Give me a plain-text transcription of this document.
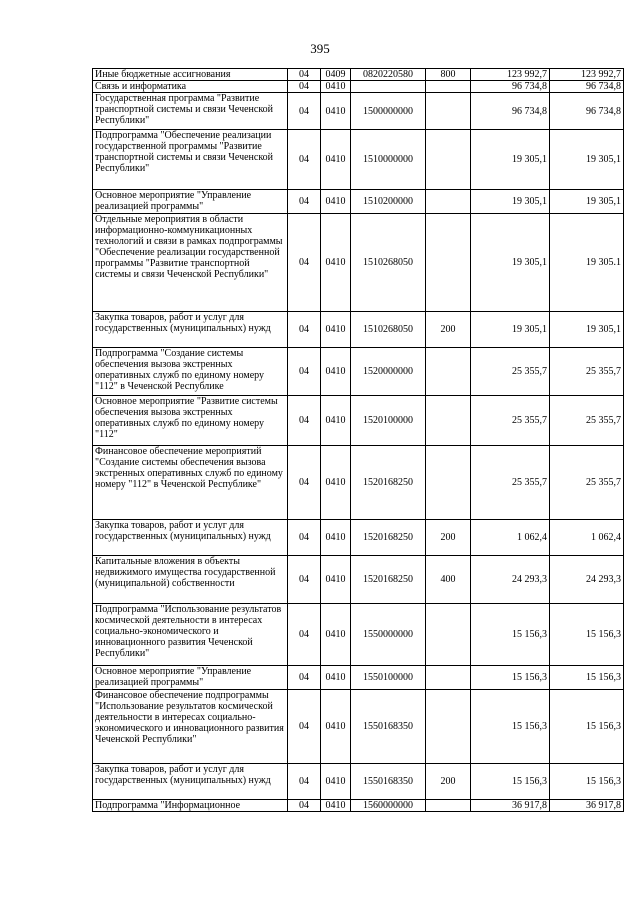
395
Иные бюджетные ассигнования	04	0409	0820220580	800	123 992,7	123 992,7
Связь и информатика	04	0410			96 734,8	96 734,8
Государственная программа "Развитие транспортной системы и связи Чеченской Республики"	04	0410	1500000000		96 734,8	96 734,8
Подпрограмма "Обеспечение реализации государственной программы "Развитие транспортной системы и связи Чеченской Республики"	04	0410	1510000000		19 305,1	19 305,1
Основное мероприятие "Управление реализацией программы"	04	0410	1510200000		19 305,1	19 305,1
Отдельные мероприятия в области информационно-коммуникационных технологий и связи в рамках подпрограммы "Обеспечение реализации государственной программы "Развитие транспортной системы и связи Чеченской Республики"	04	0410	1510268050		19 305,1	19 305.1
Закупка товаров, работ и услуг для государственных (муниципальных) нужд	04	0410	1510268050	200	19 305,1	19 305,1
Подпрограмма "Создание системы обеспечения вызова экстренных оперативных служб по единому номеру "112" в Чеченской Республике	04	0410	1520000000		25 355,7	25 355,7
Основное мероприятие "Развитие системы обеспечения вызова экстренных оперативных служб по единому номеру "112"	04	0410	1520100000		25 355,7	25 355,7
Финансовое обеспечение мероприятий "Создание системы обеспечения вызова экстренных оперативных служб по единому номеру "112" в Чеченской Республике"	04	0410	1520168250		25 355,7	25 355,7
Закупка товаров, работ и услуг для государственных (муниципальных) нужд	04	0410	1520168250	200	1 062,4	1 062,4
Капитальные вложения в объекты недвижимого имущества государственной (муниципальной) собственности	04	0410	1520168250	400	24 293,3	24 293,3
Подпрограмма "Использование результатов космической деятельности в интересах социально-экономического и инновационного развития Чеченской Республики"	04	0410	1550000000		15 156,3	15 156,3
Основное мероприятие "Управление реализацией программы"	04	0410	1550100000		15 156,3	15 156,3
Финансовое обеспечение подпрограммы "Использование результатов космической деятельности в интересах социально-экономического и инновационного развития Чеченской Республики"	04	0410	1550168350		15 156,3	15 156,3
Закупка товаров, работ и услуг для государственных (муниципальных) нужд	04	0410	1550168350	200	15 156,3	15 156,3
Подпрограмма "Информационное	04	0410	1560000000		36 917,8	36 917,8
